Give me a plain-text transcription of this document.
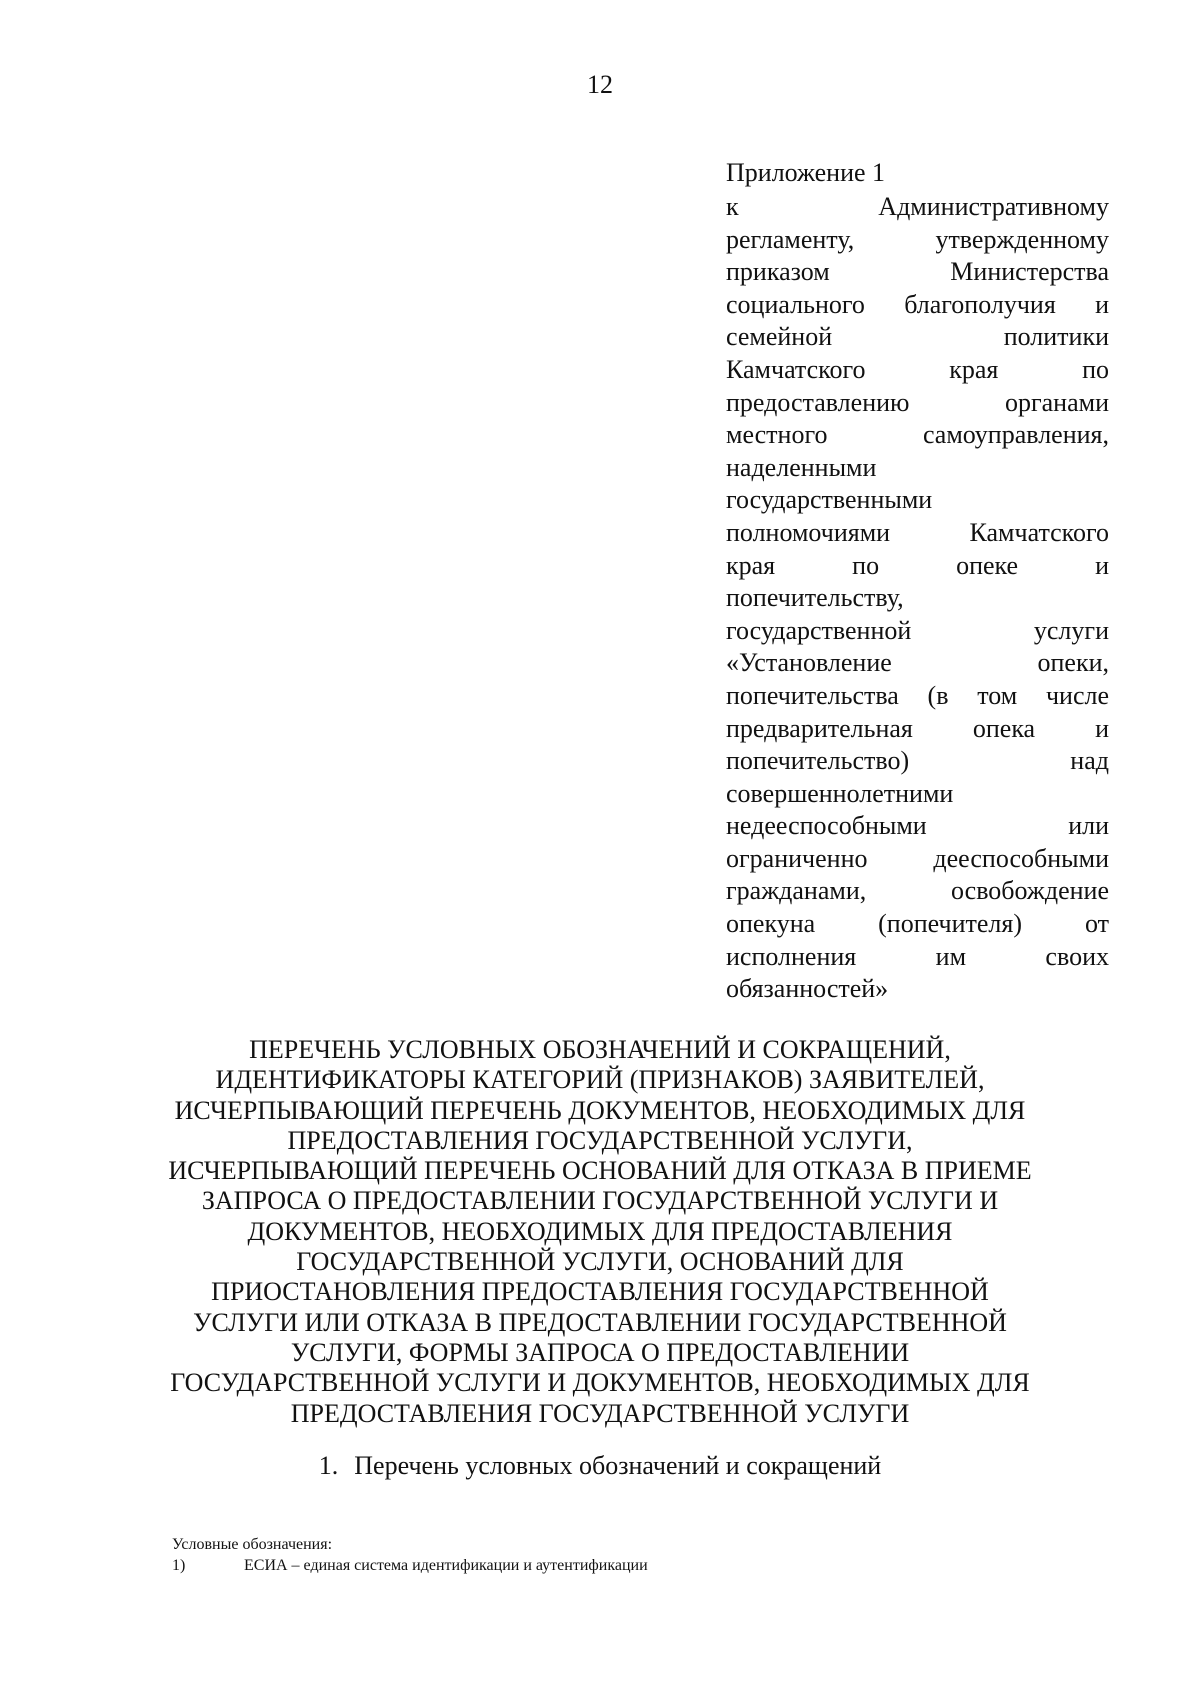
12
Приложение 1
к Административному
регламенту, утвержденному
приказом Министерства
социального благополучия и
семейной политики
Камчатского края по
предоставлению органами
местного самоуправления,
наделенными
государственными
полномочиями Камчатского
края по опеке и
попечительству,
государственной услуги
«Установление опеки,
попечительства (в том числе
предварительная опека и
попечительство) над
совершеннолетними
недееспособными или
ограниченно дееспособными
гражданами, освобождение
опекуна (попечителя) от
исполнения им своих
обязанностей»
ПЕРЕЧЕНЬ УСЛОВНЫХ ОБОЗНАЧЕНИЙ И СОКРАЩЕНИЙ,
ИДЕНТИФИКАТОРЫ КАТЕГОРИЙ (ПРИЗНАКОВ) ЗАЯВИТЕЛЕЙ,
ИСЧЕРПЫВАЮЩИЙ ПЕРЕЧЕНЬ ДОКУМЕНТОВ, НЕОБХОДИМЫХ ДЛЯ
ПРЕДОСТАВЛЕНИЯ ГОСУДАРСТВЕННОЙ УСЛУГИ,
ИСЧЕРПЫВАЮЩИЙ ПЕРЕЧЕНЬ ОСНОВАНИЙ ДЛЯ ОТКАЗА В ПРИЕМЕ
ЗАПРОСА О ПРЕДОСТАВЛЕНИИ ГОСУДАРСТВЕННОЙ УСЛУГИ И
ДОКУМЕНТОВ, НЕОБХОДИМЫХ ДЛЯ ПРЕДОСТАВЛЕНИЯ
ГОСУДАРСТВЕННОЙ УСЛУГИ, ОСНОВАНИЙ ДЛЯ
ПРИОСТАНОВЛЕНИЯ ПРЕДОСТАВЛЕНИЯ ГОСУДАРСТВЕННОЙ
УСЛУГИ ИЛИ ОТКАЗА В ПРЕДОСТАВЛЕНИИ ГОСУДАРСТВЕННОЙ
УСЛУГИ, ФОРМЫ ЗАПРОСА О ПРЕДОСТАВЛЕНИИ
ГОСУДАРСТВЕННОЙ УСЛУГИ И ДОКУМЕНТОВ, НЕОБХОДИМЫХ ДЛЯ
ПРЕДОСТАВЛЕНИЯ ГОСУДАРСТВЕННОЙ УСЛУГИ
1. Перечень условных обозначений и сокращений
Условные обозначения:
1)	ЕСИА – единая система идентификации и аутентификации
